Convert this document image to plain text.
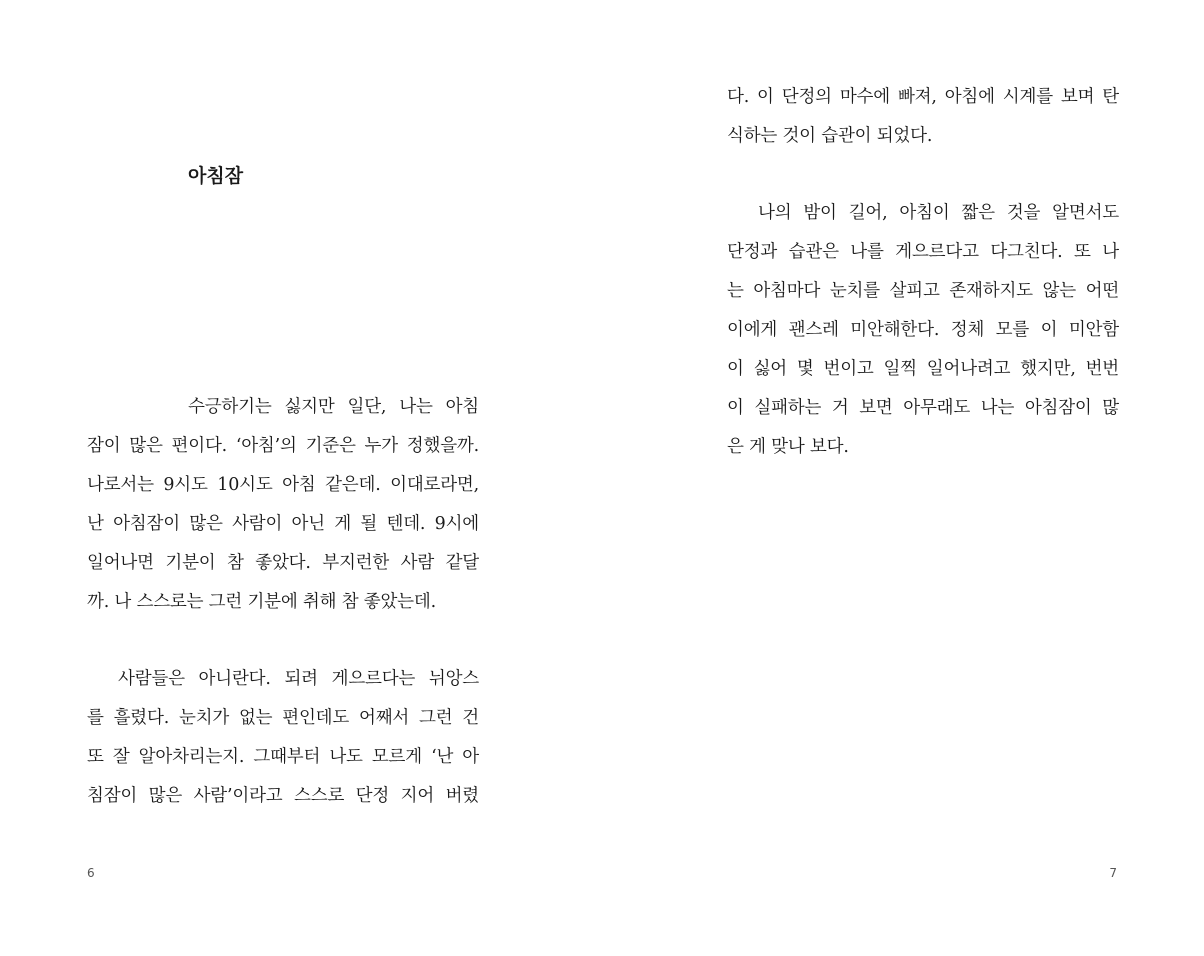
아침잠
수긍하기는 싫지만 일단, 나는 아침
잠이 많은 편이다. ‘아침’의 기준은 누가 정했을까.
나로서는 9시도 10시도 아침 같은데. 이대로라면,
난 아침잠이 많은 사람이 아닌 게 될 텐데. 9시에
일어나면 기분이 참 좋았다. 부지런한 사람 같달
까. 나 스스로는 그런 기분에 취해 참 좋았는데.
사람들은 아니란다. 되려 게으르다는 뉘앙스
를 흘렸다. 눈치가 없는 편인데도 어째서 그런 건
또 잘 알아차리는지. 그때부터 나도 모르게 ‘난 아
침잠이 많은 사람’이라고 스스로 단정 지어 버렸
6
다. 이 단정의 마수에 빠져, 아침에 시계를 보며 탄
식하는 것이 습관이 되었다.
나의 밤이 길어, 아침이 짧은 것을 알면서도
단정과 습관은 나를 게으르다고 다그친다. 또 나
는 아침마다 눈치를 살피고 존재하지도 않는 어떤
이에게 괜스레 미안해한다. 정체 모를 이 미안함
이 싫어 몇 번이고 일찍 일어나려고 했지만, 번번
이 실패하는 거 보면 아무래도 나는 아침잠이 많
은 게 맞나 보다.
7
